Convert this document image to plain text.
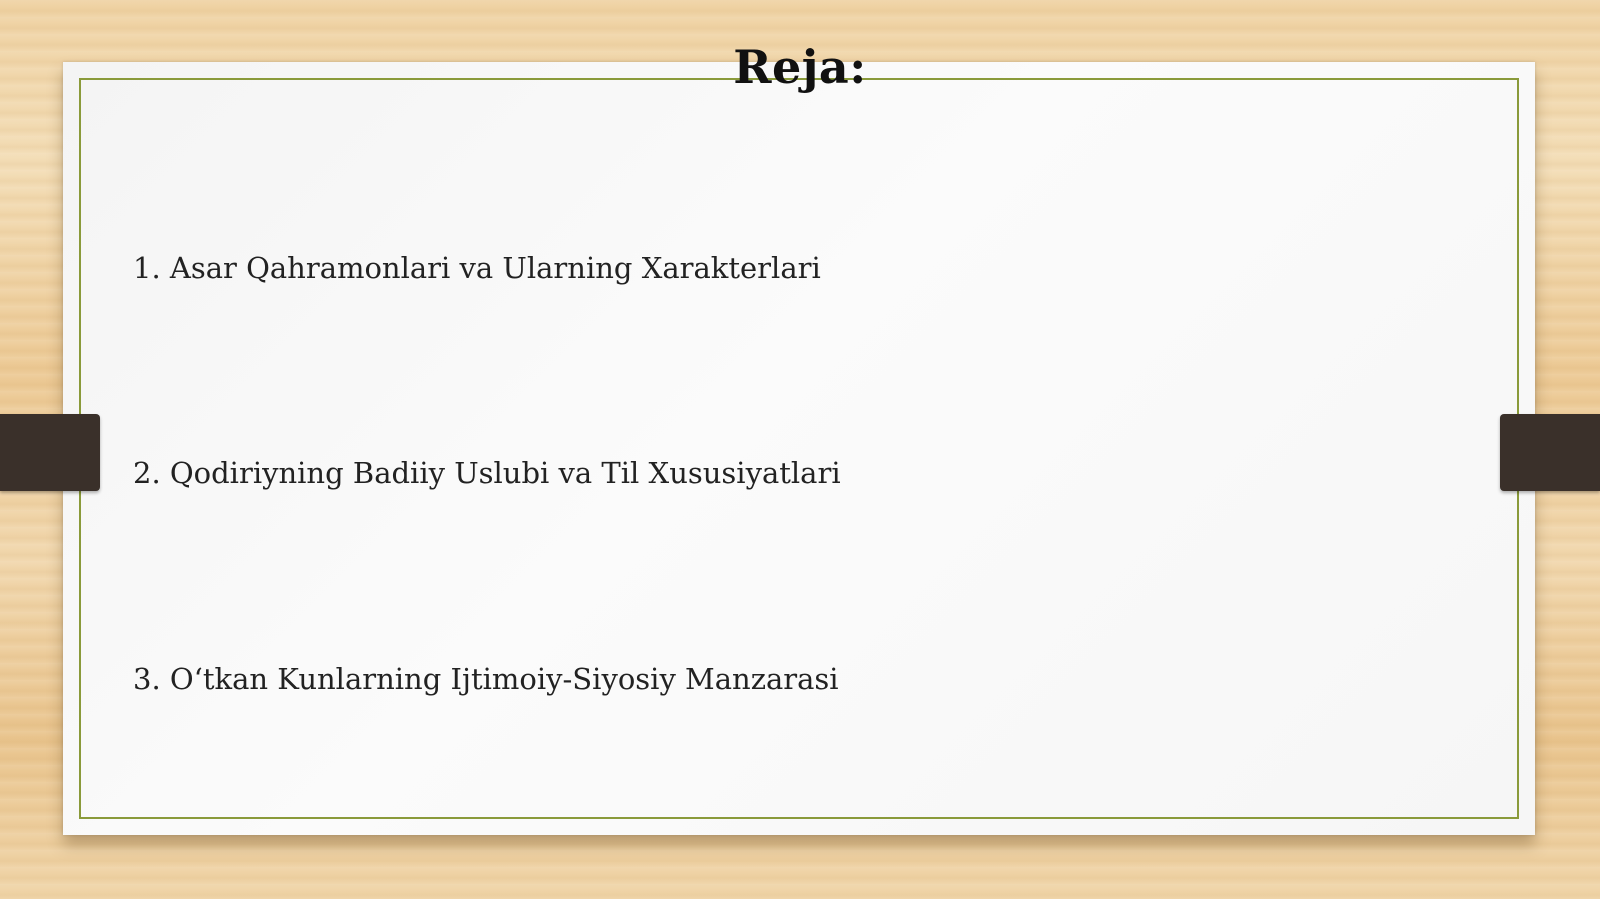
Reja:
1. Asar Qahramonlari va Ularning Xarakterlari
2. Qodiriyning Badiiy Uslubi va Til Xususiyatlari
3. O‘tkan Kunlarning Ijtimoiy-Siyosiy Manzarasi
